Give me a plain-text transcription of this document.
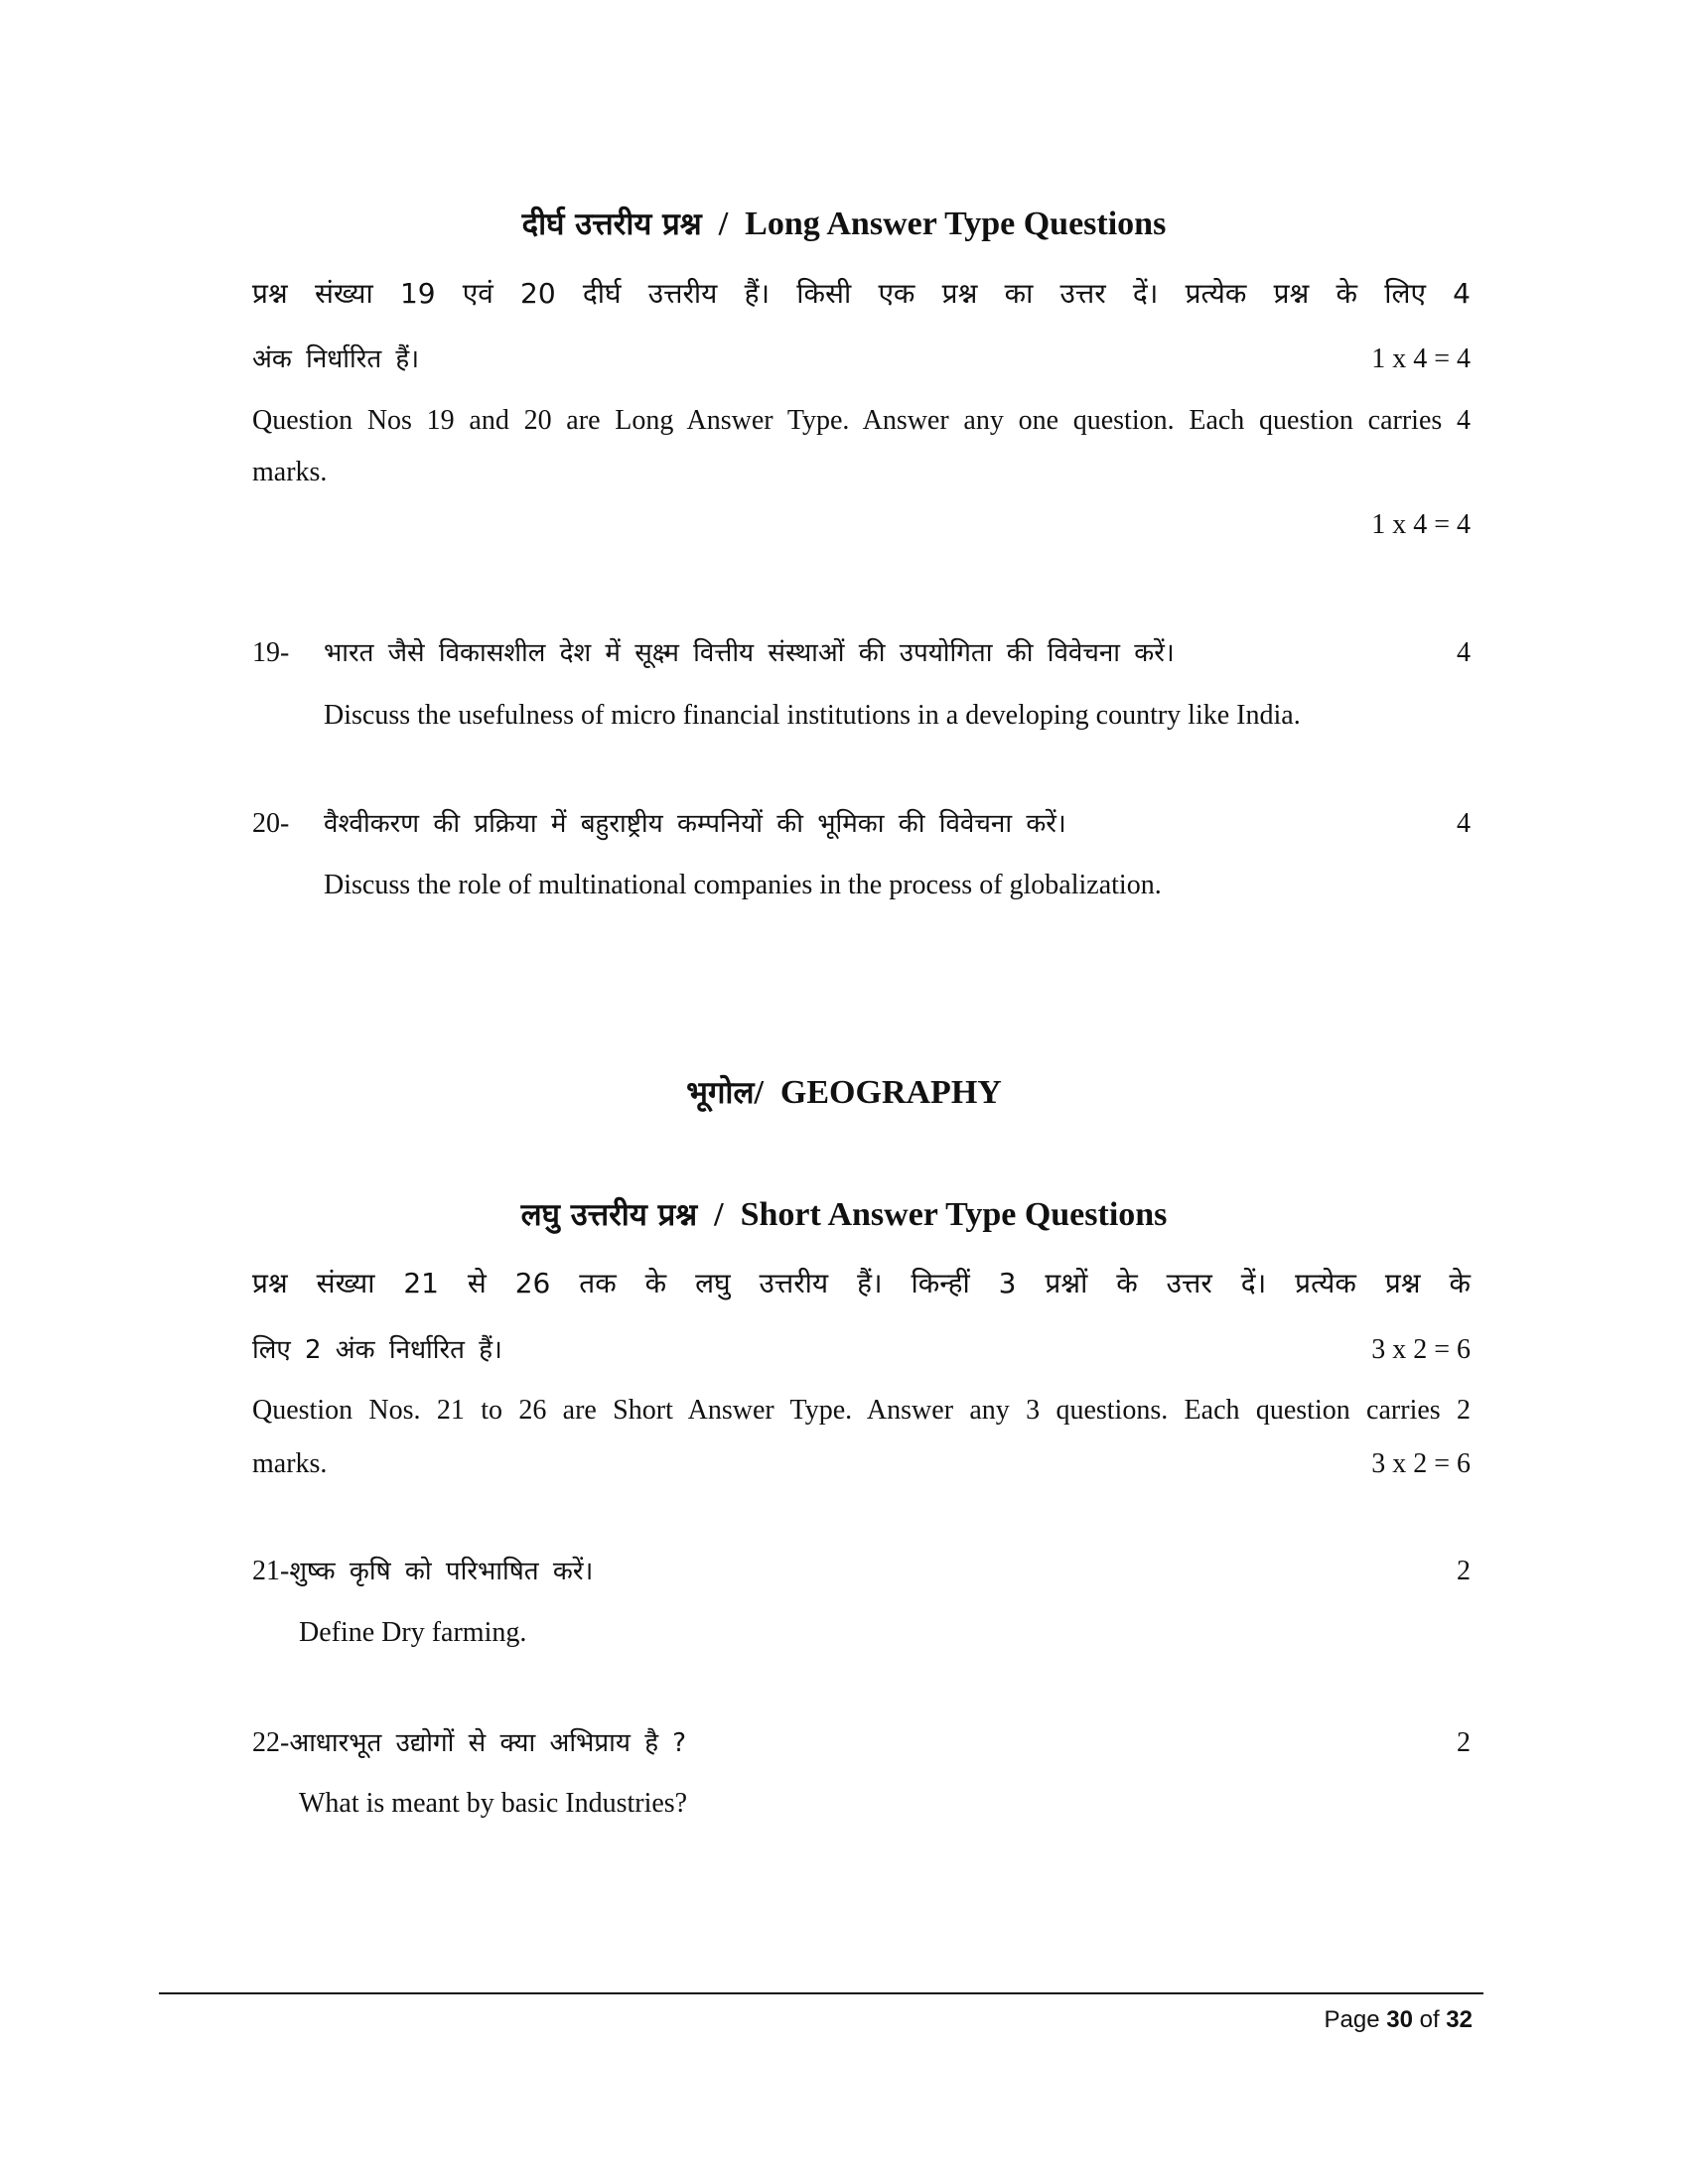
दीर्घ उत्तरीय प्रश्न / Long Answer Type Questions
प्रश्न संख्या 19 एवं 20 दीर्घ उत्तरीय हैं। किसी एक प्रश्न का उत्तर दें। प्रत्येक प्रश्न के लिए 4
अंक निर्धारित हैं।	1 x 4 = 4
Question Nos 19 and 20 are Long Answer Type. Answer any one question. Each question carries 4
marks.
1 x 4 = 4
19- भारत जैसे विकासशील देश में सूक्ष्म वित्तीय संस्थाओं की उपयोगिता की विवेचना करें।	4
Discuss the usefulness of micro financial institutions in a developing country like India.
20- वैश्वीकरण की प्रक्रिया में बहुराष्ट्रीय कम्पनियों की भूमिका की विवेचना करें।	4
Discuss the role of multinational companies in the process of globalization.
भूगोल/ GEOGRAPHY
लघु उत्तरीय प्रश्न / Short Answer Type Questions
प्रश्न संख्या 21 से 26 तक के लघु उत्तरीय हैं। किन्हीं 3 प्रश्नों के उत्तर दें। प्रत्येक प्रश्न के
लिए 2 अंक निर्धारित हैं।	3 x 2 = 6
Question Nos. 21 to 26 are Short Answer Type. Answer any 3 questions. Each question carries 2
marks.	3 x 2 = 6
21-शुष्क कृषि को परिभाषित करें।	2
Define Dry farming.
22-आधारभूत उद्योगों से क्या अभिप्राय है ?	2
What is meant by basic Industries?
Page 30 of 32
